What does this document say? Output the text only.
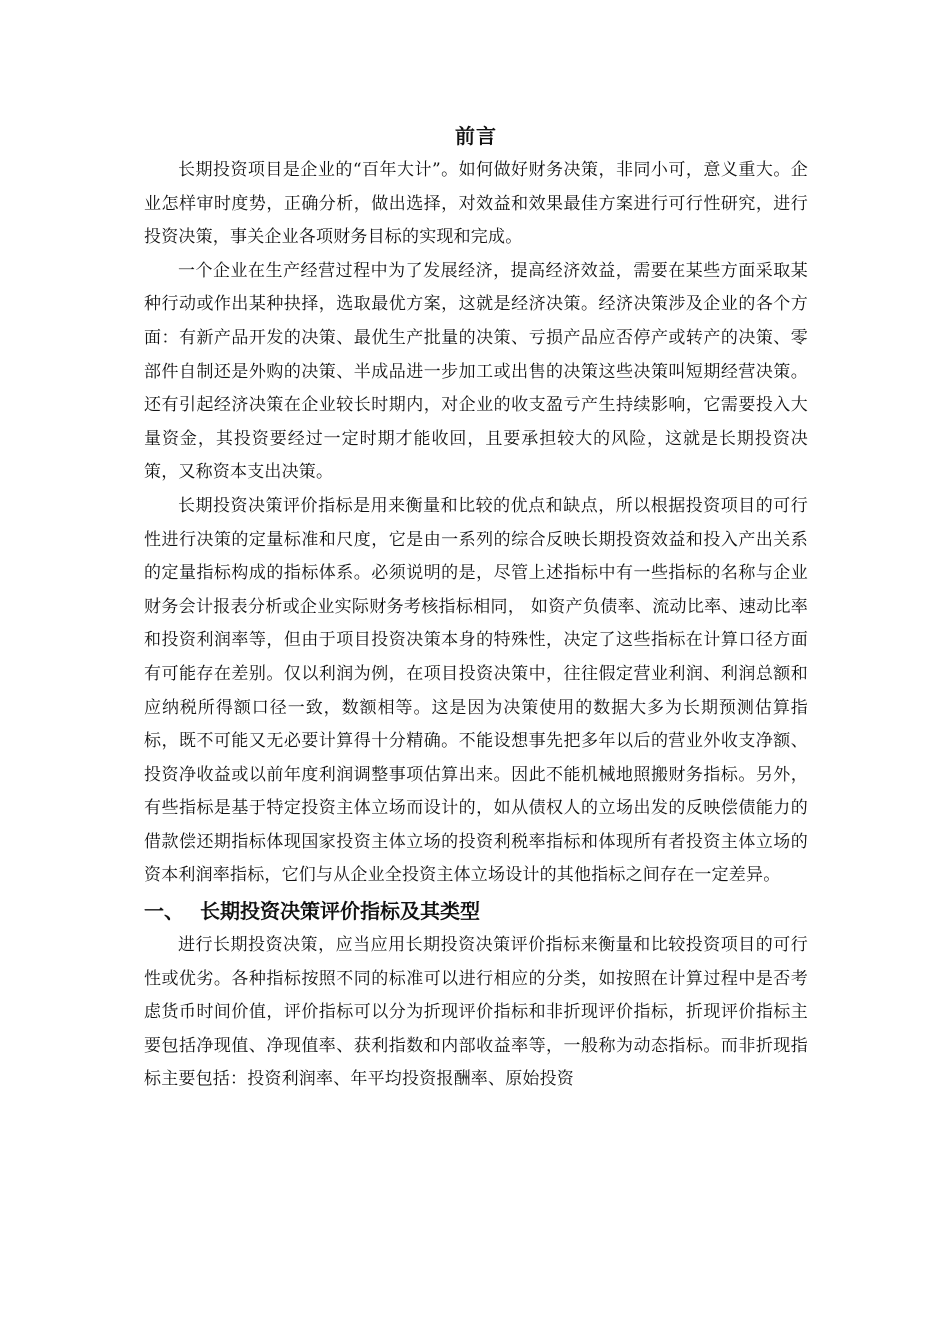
前言

长期投资项目是企业的“百年大计”。如何做好财务决策，非同小可，意义重大。企业怎样审时度势，正确分析，做出选择，对效益和效果最佳方案进行可行性研究，进行投资决策，事关企业各项财务目标的实现和完成。

一个企业在生产经营过程中为了发展经济，提高经济效益，需要在某些方面采取某种行动或作出某种抉择，选取最优方案，这就是经济决策。经济决策涉及企业的各个方面：有新产品开发的决策、最优生产批量的决策、亏损产品应否停产或转产的决策、零部件自制还是外购的决策、半成品进一步加工或出售的决策这些决策叫短期经营决策。还有引起经济决策在企业较长时期内，对企业的收支盈亏产生持续影响，它需要投入大量资金，其投资要经过一定时期才能收回，且要承担较大的风险，这就是长期投资决策，又称资本支出决策。

长期投资决策评价指标是用来衡量和比较的优点和缺点，所以根据投资项目的可行性进行决策的定量标准和尺度，它是由一系列的综合反映长期投资效益和投入产出关系的定量指标构成的指标体系。必须说明的是，尽管上述指标中有一些指标的名称与企业财务会计报表分析或企业实际财务考核指标相同， 如资产负债率、流动比率、速动比率和投资利润率等，但由于项目投资决策本身的特殊性，决定了这些指标在计算口径方面有可能存在差别。仅以利润为例，在项目投资决策中，往往假定营业利润、利润总额和应纳税所得额口径一致，数额相等。这是因为决策使用的数据大多为长期预测估算指标，既不可能又无必要计算得十分精确。不能设想事先把多年以后的营业外收支净额、投资净收益或以前年度利润调整事项估算出来。因此不能机械地照搬财务指标。另外，有些指标是基于特定投资主体立场而设计的，如从债权人的立场出发的反映偿债能力的借款偿还期指标体现国家投资主体立场的投资利税率指标和体现所有者投资主体立场的资本利润率指标，它们与从企业全投资主体立场设计的其他指标之间存在一定差异。

一、 长期投资决策评价指标及其类型

进行长期投资决策，应当应用长期投资决策评价指标来衡量和比较投资项目的可行性或优劣。各种指标按照不同的标准可以进行相应的分类，如按照在计算过程中是否考虑货币时间价值，评价指标可以分为折现评价指标和非折现评价指标，折现评价指标主要包括净现值、净现值率、获利指数和内部收益率等，一般称为动态指标。而非折现指标主要包括：投资利润率、年平均投资报酬率、原始投资
